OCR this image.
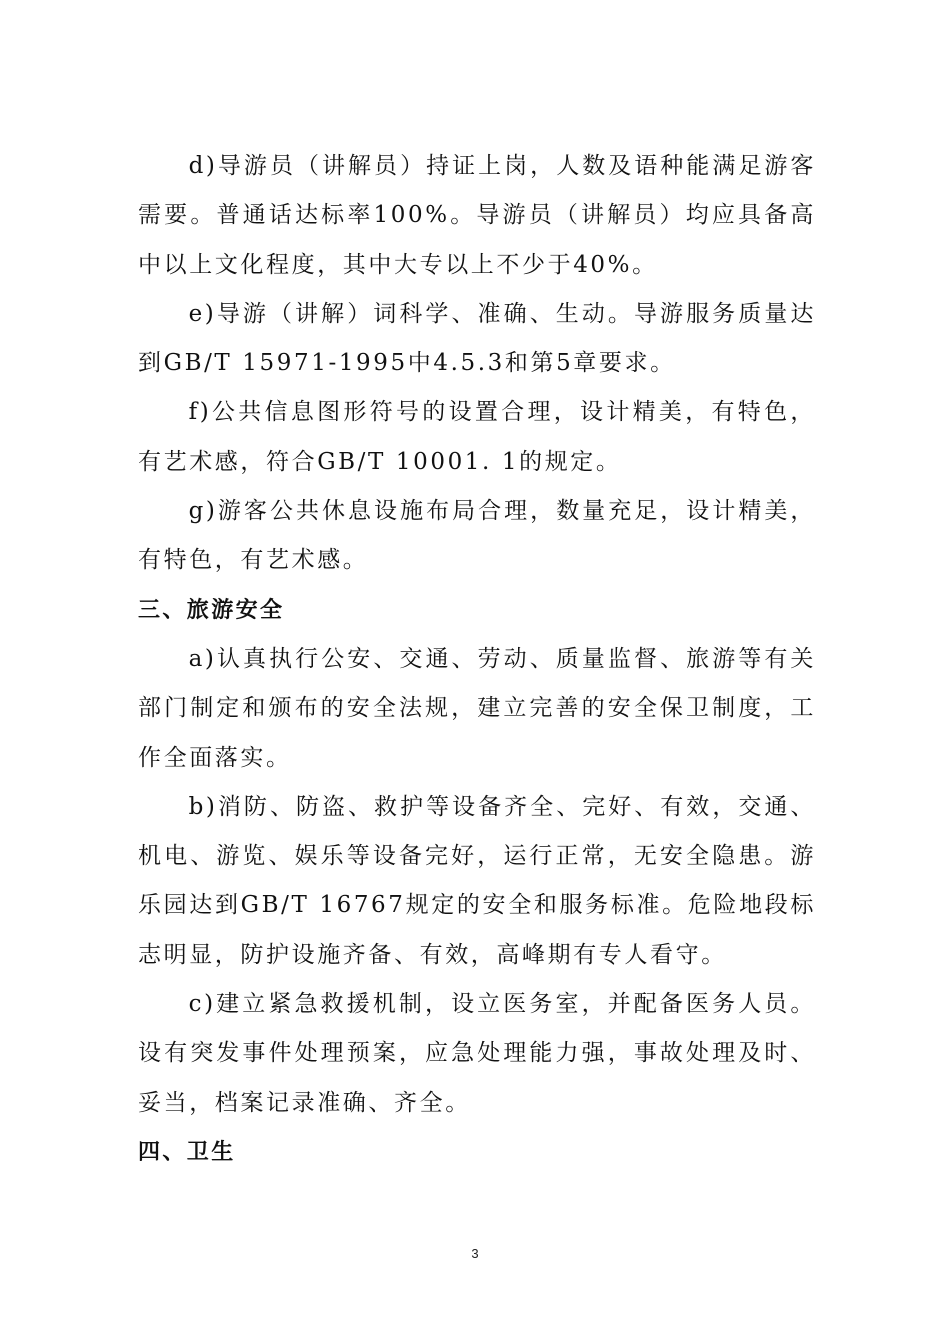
d)导游员（讲解员）持证上岗，人数及语种能满足游客需要。普通话达标率100%。导游员（讲解员）均应具备高中以上文化程度，其中大专以上不少于40%。

e)导游（讲解）词科学、准确、生动。导游服务质量达到GB/T 15971-1995中4.5.3和第5章要求。

f)公共信息图形符号的设置合理，设计精美，有特色，有艺术感，符合GB/T 10001. 1的规定。

g)游客公共休息设施布局合理，数量充足，设计精美，有特色，有艺术感。

三、旅游安全

a)认真执行公安、交通、劳动、质量监督、旅游等有关部门制定和颁布的安全法规，建立完善的安全保卫制度，工作全面落实。

b)消防、防盗、救护等设备齐全、完好、有效，交通、机电、游览、娱乐等设备完好，运行正常，无安全隐患。游乐园达到GB/T 16767规定的安全和服务标准。危险地段标志明显，防护设施齐备、有效，高峰期有专人看守。

c)建立紧急救援机制，设立医务室，并配备医务人员。设有突发事件处理预案，应急处理能力强，事故处理及时、妥当，档案记录准确、齐全。

四、卫生

3
